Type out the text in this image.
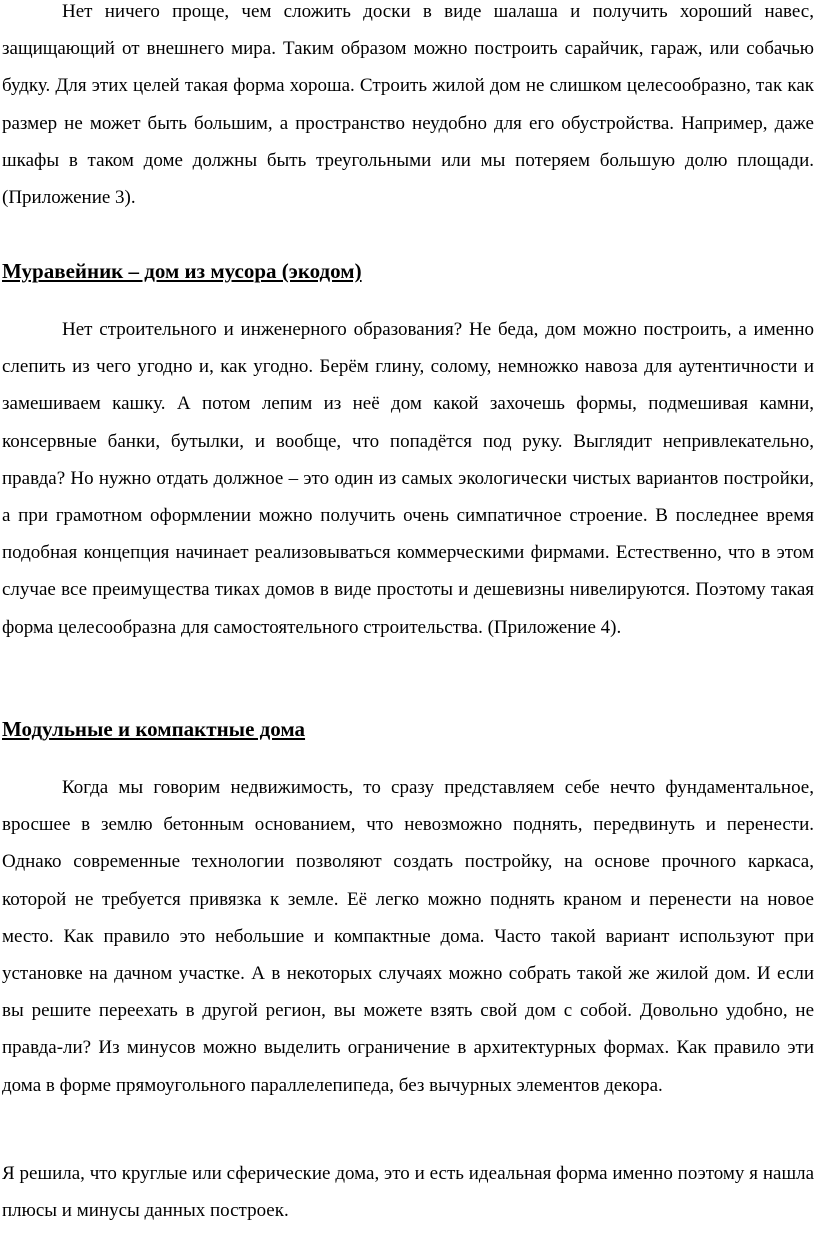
Нет ничего проще, чем сложить доски в виде шалаша и получить хороший навес, защищающий от внешнего мира. Таким образом можно построить сарайчик, гараж, или собачью будку. Для этих целей такая форма хороша. Строить жилой дом не слишком целесообразно, так как размер не может быть большим, а пространство неудобно для его обустройства. Например, даже шкафы в таком доме должны быть треугольными или мы потеряем большую долю площади. (Приложение 3).

Муравейник – дом из мусора (экодом)

Нет строительного и инженерного образования? Не беда, дом можно построить, а именно слепить из чего угодно и, как угодно. Берём глину, солому, немножко навоза для аутентичности и замешиваем кашку. А потом лепим из неё дом какой захочешь формы, подмешивая камни, консервные банки, бутылки, и вообще, что попадётся под руку. Выглядит непривлекательно, правда? Но нужно отдать должное – это один из самых экологически чистых вариантов постройки, а при грамотном оформлении можно получить очень симпатичное строение. В последнее время подобная концепция начинает реализовываться коммерческими фирмами. Естественно, что в этом случае все преимущества тиках домов в виде простоты и дешевизны нивелируются. Поэтому такая форма целесообразна для самостоятельного строительства. (Приложение 4).

Модульные и компактные дома

Когда мы говорим недвижимость, то сразу представляем себе нечто фундаментальное, вросшее в землю бетонным основанием, что невозможно поднять, передвинуть и перенести. Однако современные технологии позволяют создать постройку, на основе прочного каркаса, которой не требуется привязка к земле. Её легко можно поднять краном и перенести на новое место. Как правило это небольшие и компактные дома. Часто такой вариант используют при установке на дачном участке. А в некоторых случаях можно собрать такой же жилой дом. И если вы решите переехать в другой регион, вы можете взять свой дом с собой. Довольно удобно, не правда-ли? Из минусов можно выделить ограничение в архитектурных формах. Как правило эти дома в форме прямоугольного параллелепипеда, без вычурных элементов декора.

Я решила, что круглые или сферические дома, это и есть идеальная форма именно поэтому я нашла плюсы и минусы данных построек.
